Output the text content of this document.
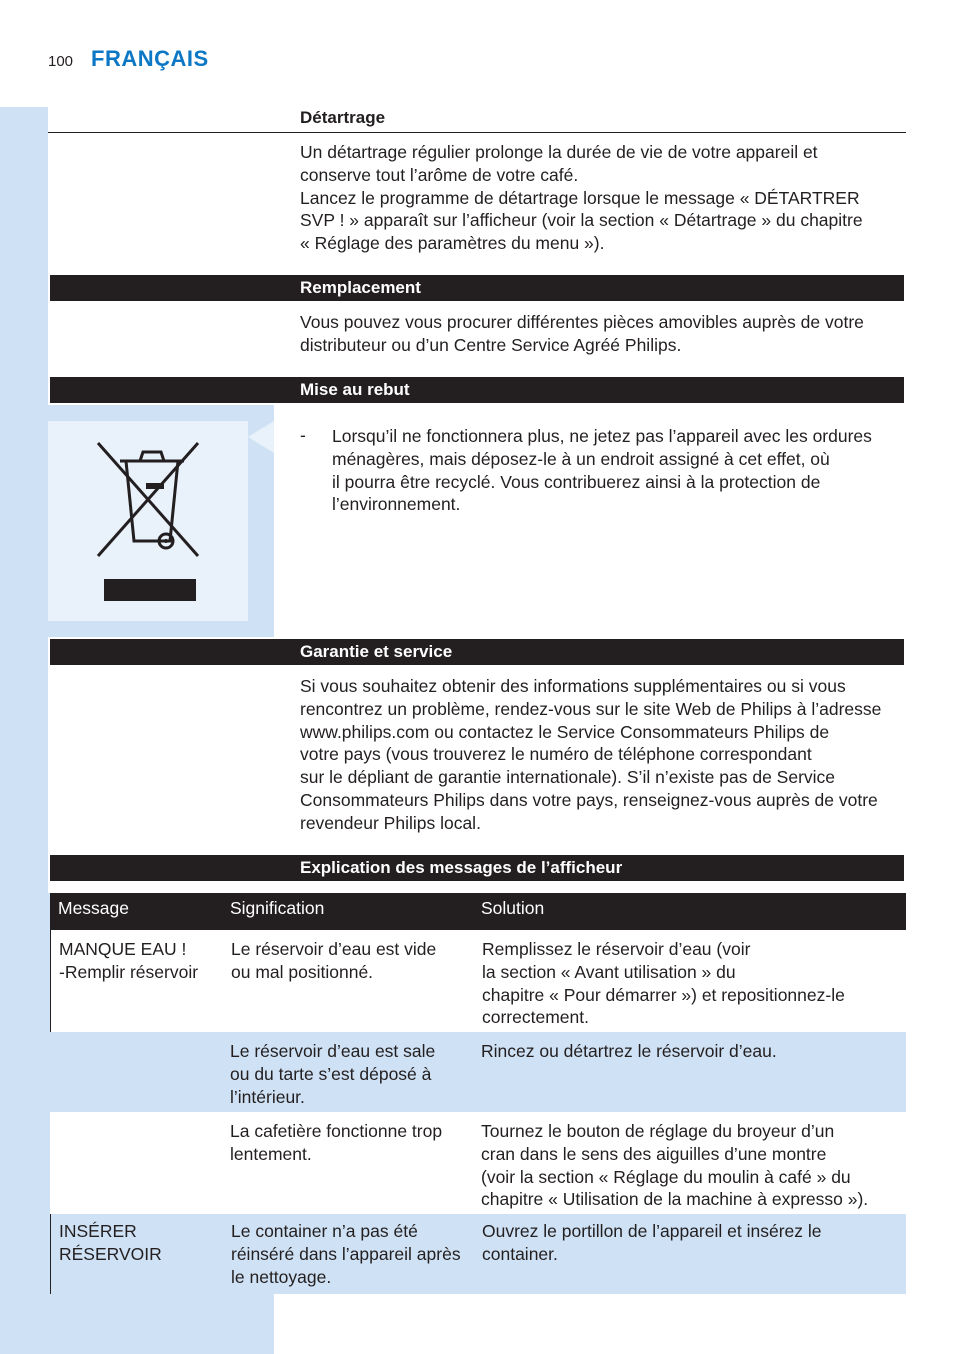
100 FRANÇAIS
Détartrage
Un détartrage régulier prolonge la durée de vie de votre appareil et
conserve tout l’arôme de votre café.
Lancez le programme de détartrage lorsque le message « DÉTARTRER
SVP ! » apparaît sur l’afficheur (voir la section « Détartrage » du chapitre
« Réglage des paramètres du menu »).
Remplacement
Vous pouvez vous procurer différentes pièces amovibles auprès de votre
distributeur ou d’un Centre Service Agréé Philips.
Mise au rebut
- Lorsqu’il ne fonctionnera plus, ne jetez pas l’appareil avec les ordures
ménagères, mais déposez-le à un endroit assigné à cet effet, où
il pourra être recyclé. Vous contribuerez ainsi à la protection de
l’environnement.
Garantie et service
Si vous souhaitez obtenir des informations supplémentaires ou si vous
rencontrez un problème, rendez-vous sur le site Web de Philips à l’adresse
www.philips.com ou contactez le Service Consommateurs Philips de
votre pays (vous trouverez le numéro de téléphone correspondant
sur le dépliant de garantie internationale). S’il n’existe pas de Service
Consommateurs Philips dans votre pays, renseignez-vous auprès de votre
revendeur Philips local.
Explication des messages de l’afficheur
Message	Signification	Solution
MANQUE EAU !
-Remplir réservoir
Le réservoir d’eau est vide
ou mal positionné.
Remplissez le réservoir d’eau (voir
la section « Avant utilisation » du
chapitre « Pour démarrer ») et repositionnez-le
correctement.
Le réservoir d’eau est sale
ou du tarte s’est déposé à
l’intérieur.
Rincez ou détartrez le réservoir d’eau.
La cafetière fonctionne trop
lentement.
Tournez le bouton de réglage du broyeur d’un
cran dans le sens des aiguilles d’une montre
(voir la section « Réglage du moulin à café » du
chapitre « Utilisation de la machine à expresso »).
INSÉRER
RÉSERVOIR
Le container n’a pas été
réinséré dans l’appareil après
le nettoyage.
Ouvrez le portillon de l’appareil et insérez le
container.
